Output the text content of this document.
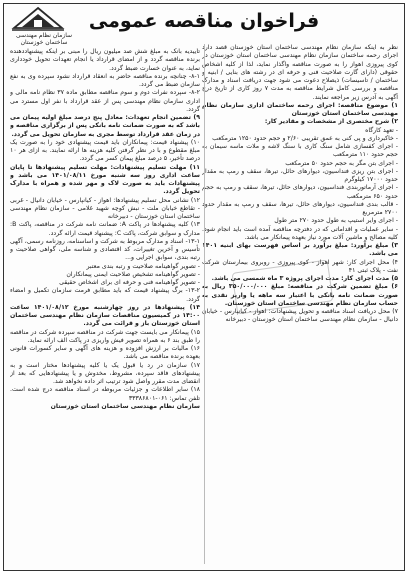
فراخوان مناقصه عمومی
سازمان نظام مهندسی ساختمان خوزستان

نظر به اینکه سازمان نظام مهندسی ساختمان استان خوزستان قصد دارد اجرای رحمه ساختمان سازمان نظام مهندسی ساختمان استان خوزستان در کوی پیروزی اهواز را به صورت مناقصه واگذار نماید، لذا از کلیه اشخاص حقوقی (دارای گارت صلاحیت فنی و حرفه ای در رشته های بنایی / ابنیه و ساختمان / تاسیسات) ذیصلاح دعوت می شود جهت دریافت اسناد و مدارک مناقصه و بررسی کامل شرایط مناقصه به مدت ۷ روز کاری از تاریخ درج آگهی به آدرس زیر مراجعه نمایند.

۱) موضوع مناقصه: اجرای رحمه ساختمان اداری سازمان نظام مهندسی ساختمان استان خوزستان

۲) شرح مختصری از مشخصات و مقادیر کار:

- تعهد کارگاه

- خاکبرداری و پی کنی به عمق تقریبی ۲/۶۰ و حجم حدود ۱۲۵۰ مترمکعب

- اجرای کفسازی شامل سنگ کاری با سنگ لاشه و ملات ماسه سیمان به حجم حدود ۱۱۰ مترمکعب

- اجرای بتن مگر به حجم حدود ۵۰ مترمکعب

- اجرای بتن ریزی فنداسیون، دیوارهای حائل، تیرها، سقف و رمپ به مقدار حدود ۱۷۰۰۰ کیلوگرم

- اجرای آرماتوربندی فنداسیون، دیوارهای حائل، تیرها، سقف و رمپ به حجم حدود ۶۵۰ مترمکعب

- قالب بندی فنداسیون، دیوارهای حائل، تیرها، سقف و رمپ به مقدار حدود ۲۷۰۰ مترمربع

- اجرای وایر استیپ به طول حدود ۲۷۰ متر طول

- سایر عملیات و اقداماتی که در دفترچه مناقصه آمده است باید انجام شود. کلیه مصالح و ماشین آلات مورد نیاز بعهده پیمانکار می باشد.

۳) مبلغ برآورد: مبلغ برآورد بر اساس فهرست بهای ابنیه ۱۴۰۱ می باشد.

۴) محل اجرای کار: شهر اهواز - کوی پیروزی - روبروی بیمارستان شرکت نفت - پلاک ثبتی ۴۱

۵) مدت اجرای کار: مدت اجرای پروژه ۳ ماه شمسی می باشد.

۶) مبلغ تضمین شرکت در مناقصه: مبلغ ۳۵۰/۰۰۰/۰۰۰ ریال به صورت ضمانت نامه بانکی با اعتبار سه ماهه یا واریز نقدی به حساب سازمان نظام مهندسی ساختمان استان خوزستان.

۷) محل دریافت اسناد مناقصه و تحویل پیشنهادات: اهواز - کیانپارس - خیابان دانیال - سازمان نظام مهندسی ساختمان استان خوزستان - دبیرخانه

تأییدیه بانک به مبلغ شش صد میلیون ریال را مبنی بر اینکه پیشنهاددهنده برنده مناقصه گردد و از امضای قرارداد یا انجام تعهدات تحویل خودداری نماید، به عنوان خسارت ضبط گردد.

۸-۱- چنانچه برنده مناقصه حاضر به انعقاد قرارداد نشود سپرده وی به نفع سازمان ضبط می گردد.

۸-۲- سپرده نفرات دوم و سوم مناقصه مطابق ماده ۳۷ نظام نامه مالی و اداری سازمان نظام مهندسی پس از عقد قرارداد با نفر اول مسترد می گردد.

۹) تضمین انجام تعهدات: معادل پنج درصد مبلغ اولیه پیمان می باشد که به صورت ضمانت نامه بانکی پس از برگزاری مناقصه و در زمان عقد قرارداد توسط مجری به سازمان تحویل می گردد.

۱۰) پیشنهاد قیمت: پیمانکاران باید قیمت پیشنهادی خود را به صورت یک مبلغ مقطوع و با در نظر گرفتن کلیه هزینه ها ارائه نمایند. به ازای هر ۱۰ درصد تأخیر، ۵ درصد مبلغ پیمان کسر می گردد.

۱۱) مهلت تسلیم پیشنهادات: مهلت تسلیم پیشنهادها تا پایان ساعت اداری روز سه شنبه مورخ ۱۴۰۱/۰۸/۱۱ می باشد و پیشنهادات باید به صورت لاک و مهر شده و همراه با مدارک تحویل گردد.

۱۲) نشانی محل تسلیم پیشنهادها: اهواز - کیانپارس - خیابان دانیال - غربی - تقاطع خیابان ملت - نبش کوچه شهید غلامی - سازمان نظام مهندسی ساختمان استان خوزستان - دبیرخانه

۱۳) کلیه پیشنهادها در پاکت A: ضمانت نامه شرکت در مناقصه، پاکت B: مدارک و سوابق شرکت، پاکت C: پیشنهاد قیمت ارائه گردد.

۱۳-۱- اسناد و مدارک مربوط به شرکت و اساسنامه، روزنامه رسمی، آگهی تأسیس و آخرین تغییرات، کد اقتصادی و شناسه ملی، گواهی صلاحیت و رتبه بندی، سوابق اجرایی و...

- تصویر گواهینامه صلاحیت و رتبه بندی معتبر

- تصویر گواهینامه تشخیص صلاحیت ایمنی پیمانکاران

- تصویر گواهینامه فنی و حرفه ای برای اشخاص حقیقی

۱۳-۲- برگ پیشنهاد قیمت که باید مطابق فرمت سازمان تکمیل و امضاء گردد.

۱۴) پیشنهادها در روز چهارشنبه مورخ ۱۴۰۱/۰۸/۱۲ ساعت ۱۴:۰۰ در کمیسیون مناقصات سازمان نظام مهندسی ساختمان استان خوزستان باز و قرائت می گردد.

۱۵) پیمانکار می بایست جهت شرکت در مناقصه سپرده شرکت در مناقصه را طبق بند ۶ به همراه تصویر فیش واریزی در پاکت الف ارائه نماید.

۱۶) مالیات بر ارزش افزوده و هزینه های آگهی و سایر کسورات قانونی بعهده برنده مناقصه می باشد.

۱۷) سازمان در رد یا قبول یک یا کلیه پیشنهادها مختار است و به پیشنهادهای فاقد سپرده، مشروط، مخدوش و یا پیشنهادهایی که بعد از انقضای مدت مقرر واصل شود ترتیب اثر داده نخواهد شد.

۱۸) سایر اطلاعات و جزئیات مربوطه در اسناد مناقصه درج شده است. تلفن تماس: ۰۶۱-۳۳۳۸۶۸۰۱

سازمان نظام مهندسی ساختمان استان خوزستان
